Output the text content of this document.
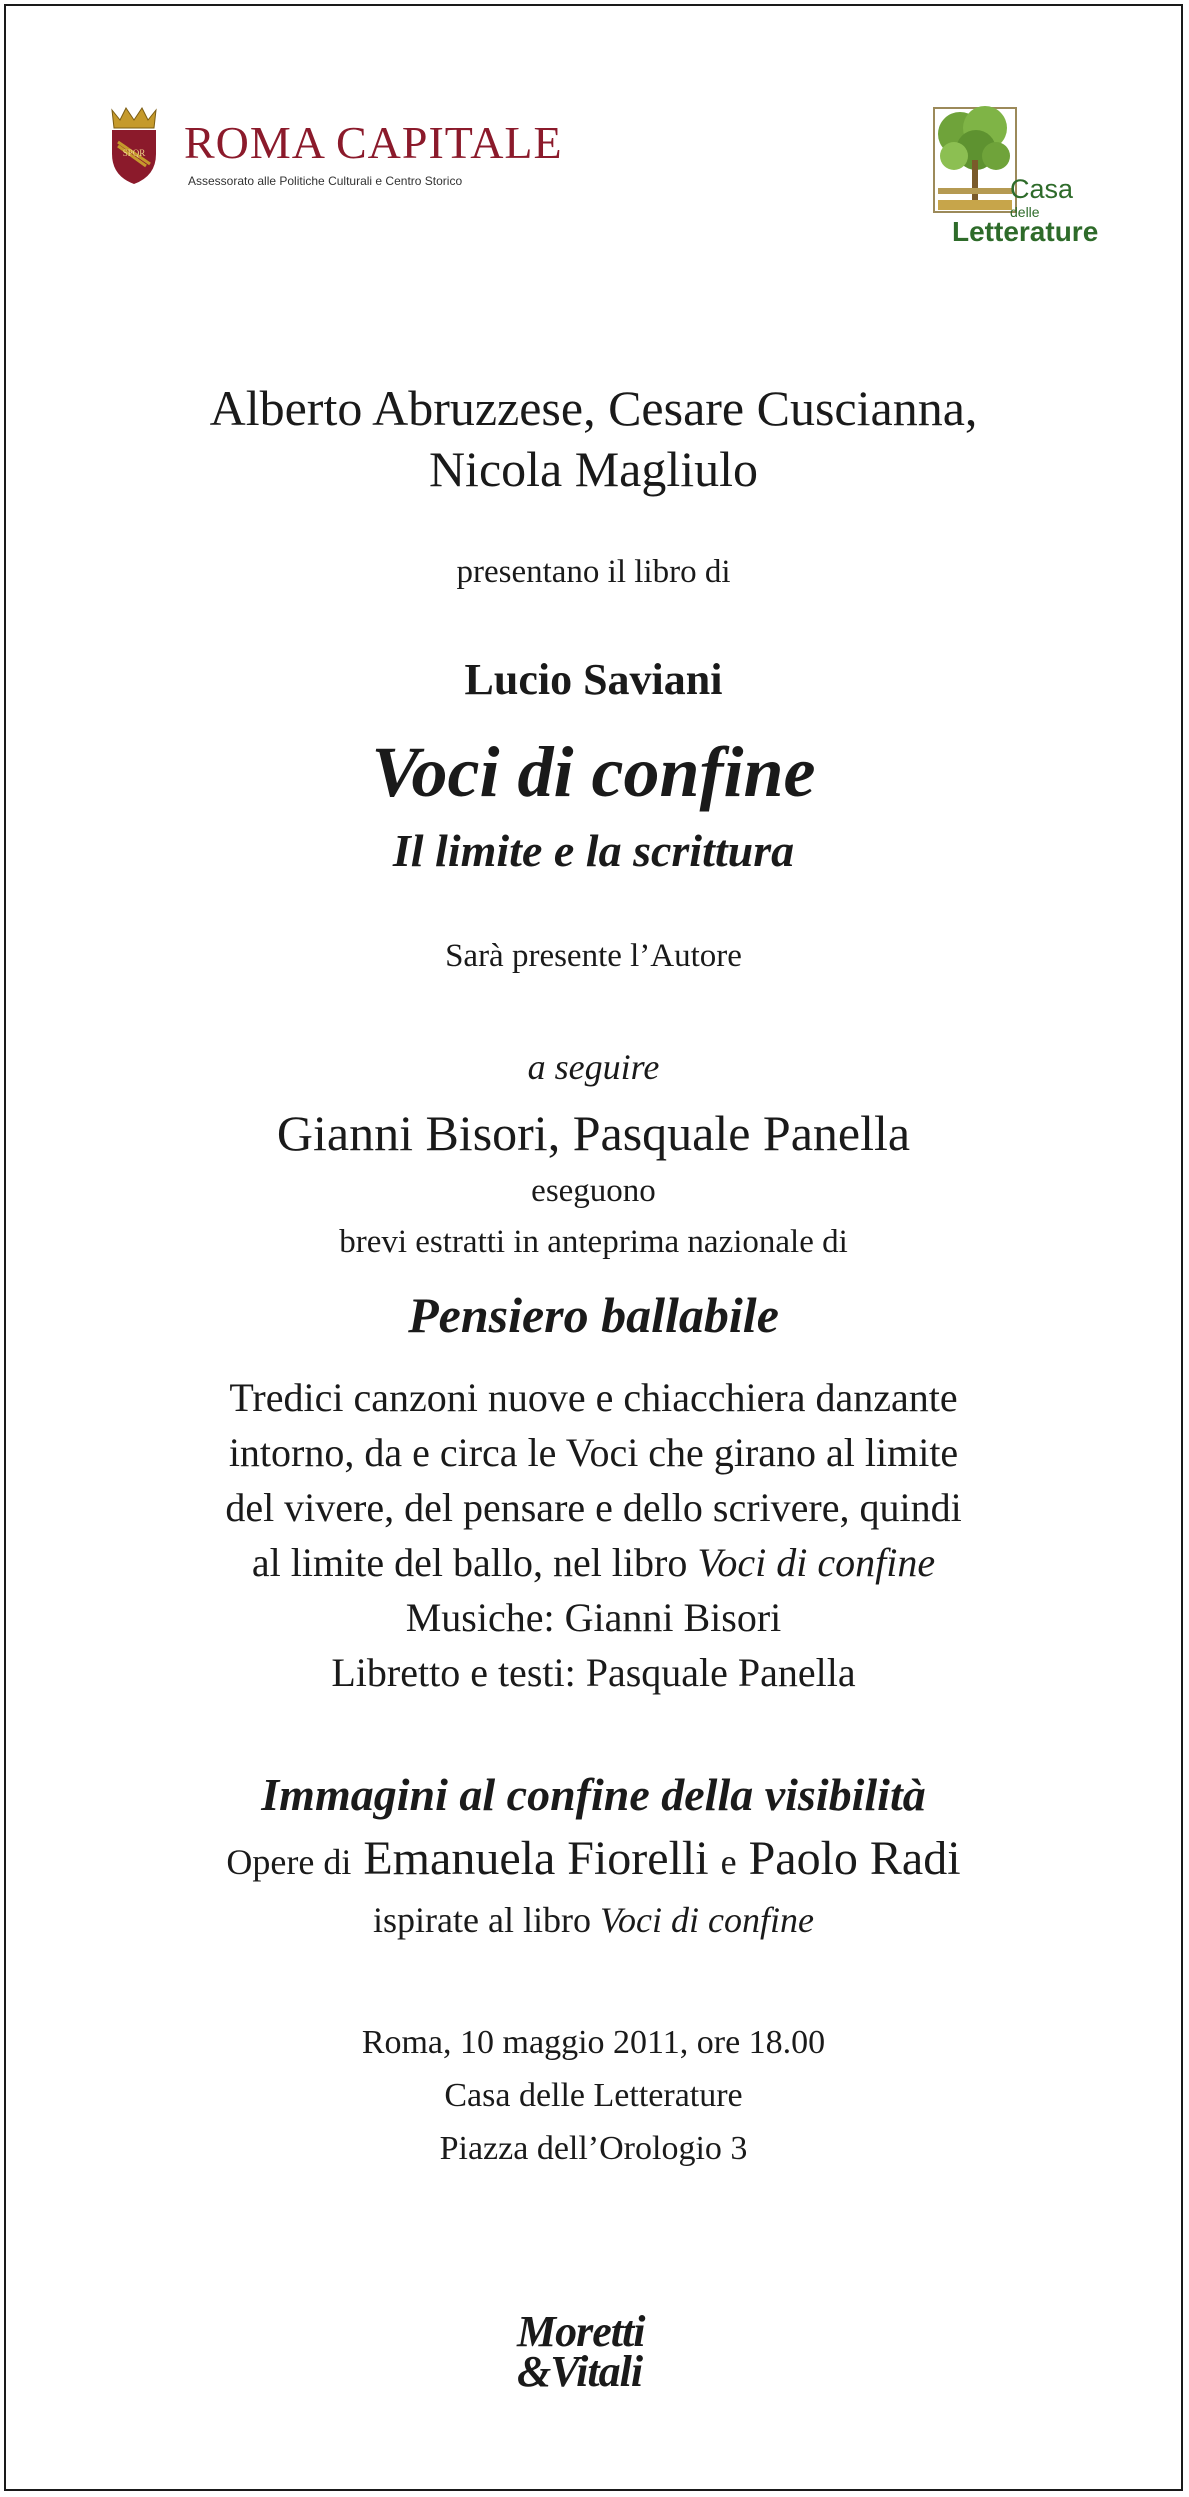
SPQR ROMA CAPITALE
Assessorato alle Politiche Culturali e Centro Storico	Casa
delle
Letterature
Alberto Abruzzese, Cesare Cuscianna,
Nicola Magliulo
presentano il libro di
Lucio Saviani
Voci di confine
Il limite e la scrittura
Sarà presente l’Autore
a seguire
Gianni Bisori, Pasquale Panella
eseguono
brevi estratti in anteprima nazionale di
Pensiero ballabile
Tredici canzoni nuove e chiacchiera danzante
intorno, da e circa le Voci che girano al limite
del vivere, del pensare e dello scrivere, quindi
al limite del ballo, nel libro Voci di confine
Musiche: Gianni Bisori
Libretto e testi: Pasquale Panella
Immagini al confine della visibilità
Opere di Emanuela Fiorelli e Paolo Radi
ispirate al libro Voci di confine
Roma, 10 maggio 2011, ore 18.00
Casa delle Letterature
Piazza dell’Orologio 3
Moretti
&Vitali
